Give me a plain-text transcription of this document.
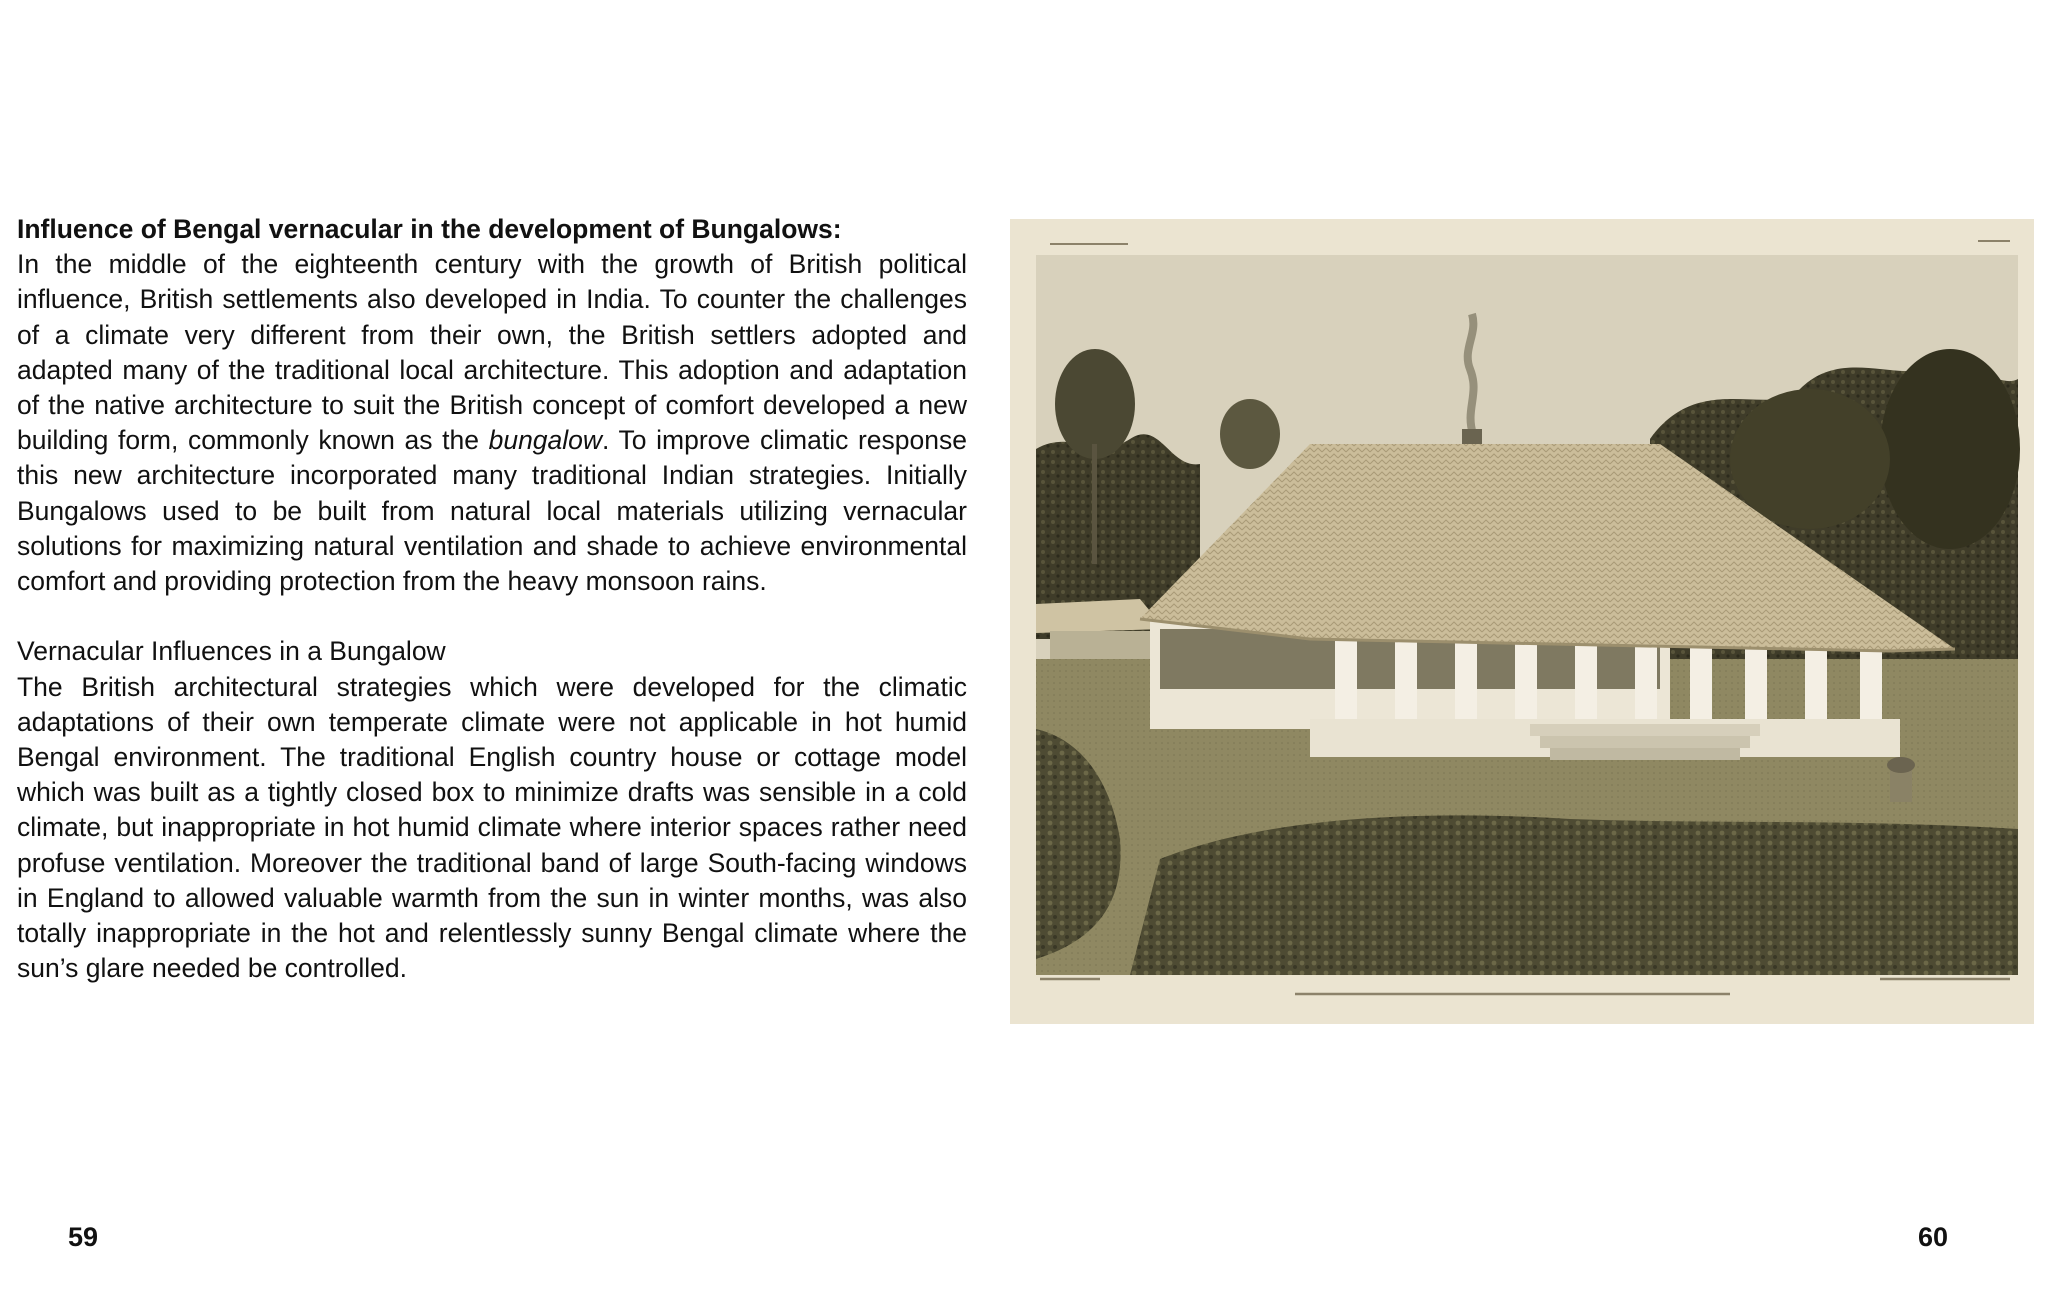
Influence of Bengal vernacular in the development of Bungalows:

In the middle of the eighteenth century with the growth of British political influence, British settlements also developed in India. To counter the challenges of a climate very different from their own, the British settlers adopted and adapted many of the traditional local architecture. This adoption and adaptation of the native architecture to suit the British concept of comfort developed a new building form, commonly known as the bungalow. To improve climatic response this new architecture incorporated many traditional Indian strategies. Initially Bungalows used to be built from natural local materials utilizing vernacular solutions for maximizing natural ventilation and shade to achieve environmental comfort and providing protection from the heavy monsoon rains.

Vernacular Influences in a Bungalow

The British architectural strategies which were developed for the climatic adaptations of their own temperate climate were not applicable in hot humid Bengal environment. The traditional English country house or cottage model which was built as a tightly closed box to minimize drafts was sensible in a cold climate, but inappropriate in hot humid climate where interior spaces rather need profuse ventilation. Moreover the traditional band of large South-facing windows in England to allowed valuable warmth from the sun in winter months, was also totally inappropriate in the hot and relentlessly sunny Bengal climate where the sun’s glare needed be controlled.

59	60
